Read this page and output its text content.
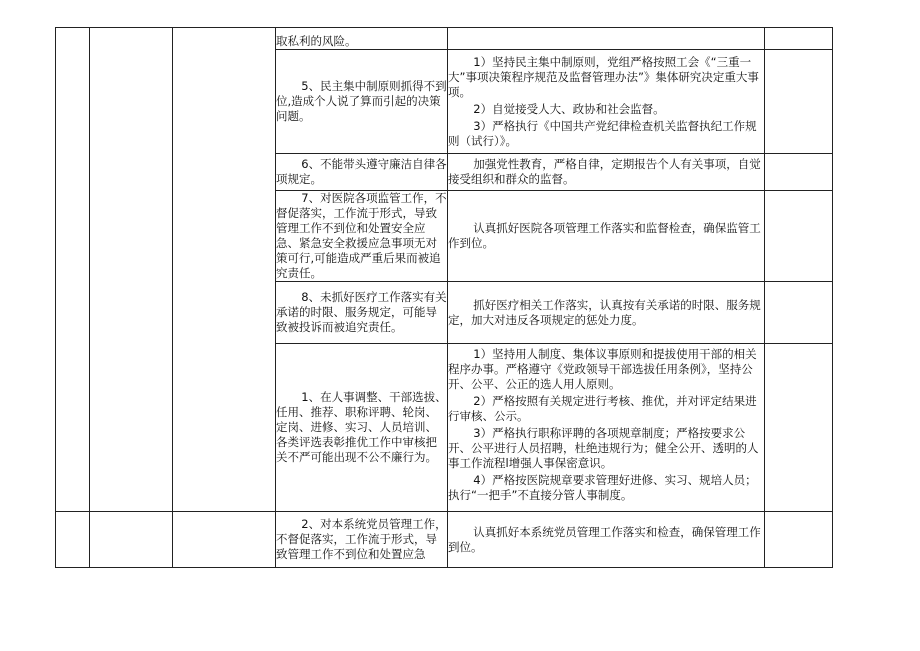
			取私利的风险。		

			5、民主集中制原则抓得不到位,造成个人说了算而引起的决策问题。	1）坚持民主集中制原则，党组严格按照工会《“三重一大”事项决策程序规范及监督管理办法”》集体研究决定重大事项。

2）自觉接受人大、政协和社会监督。

3）严格执行《中国共产党纪律检查机关监督执纪工作规则（试行）》。	

			6、不能带头遵守廉洁自律各项规定。	加强党性教育，严格自律，定期报告个人有关事项，自觉接受组织和群众的监督。	

			7、对医院各项监管工作，不督促落实，工作流于形式，导致管理工作不到位和处置安全应急、紧急安全救援应急事项无对策可行,可能造成严重后果而被追究责任。	认真抓好医院各项管理工作落实和监督检查，确保监管工作到位。	

			8、未抓好医疗工作落实有关承诺的时限、服务规定，可能导致被投诉而被追究责任。	抓好医疗相关工作落实，认真按有关承诺的时限、服务规定，加大对违反各项规定的惩处力度。	

			1、在人事调整、干部选拔、任用、推荐、职称评聘、轮岗、定岗、进修、实习、人员培训、各类评选表彰推优工作中审核把关不严可能出现不公不廉行为。	1）坚持用人制度、集体议事原则和提拔使用干部的相关程序办事。严格遵守《党政领导干部选拔任用条例》，坚持公开、公平、公正的选人用人原则。

2）严格按照有关规定进行考核、推优，并对评定结果进行审核、公示。

3）严格执行职称评聘的各项规章制度；严格按要求公开、公平进行人员招聘，杜绝违规行为；健全公开、透明的人事工作流程l增强人事保密意识。

4）严格按医院规章要求管理好进修、实习、规培人员；执行“一把手”不直接分管人事制度。	

			2、对本系统党员管理工作，不督促落实，工作流于形式，导致管理工作不到位和处置应急	认真抓好本系统党员管理工作落实和检查，确保管理工作到位。	
